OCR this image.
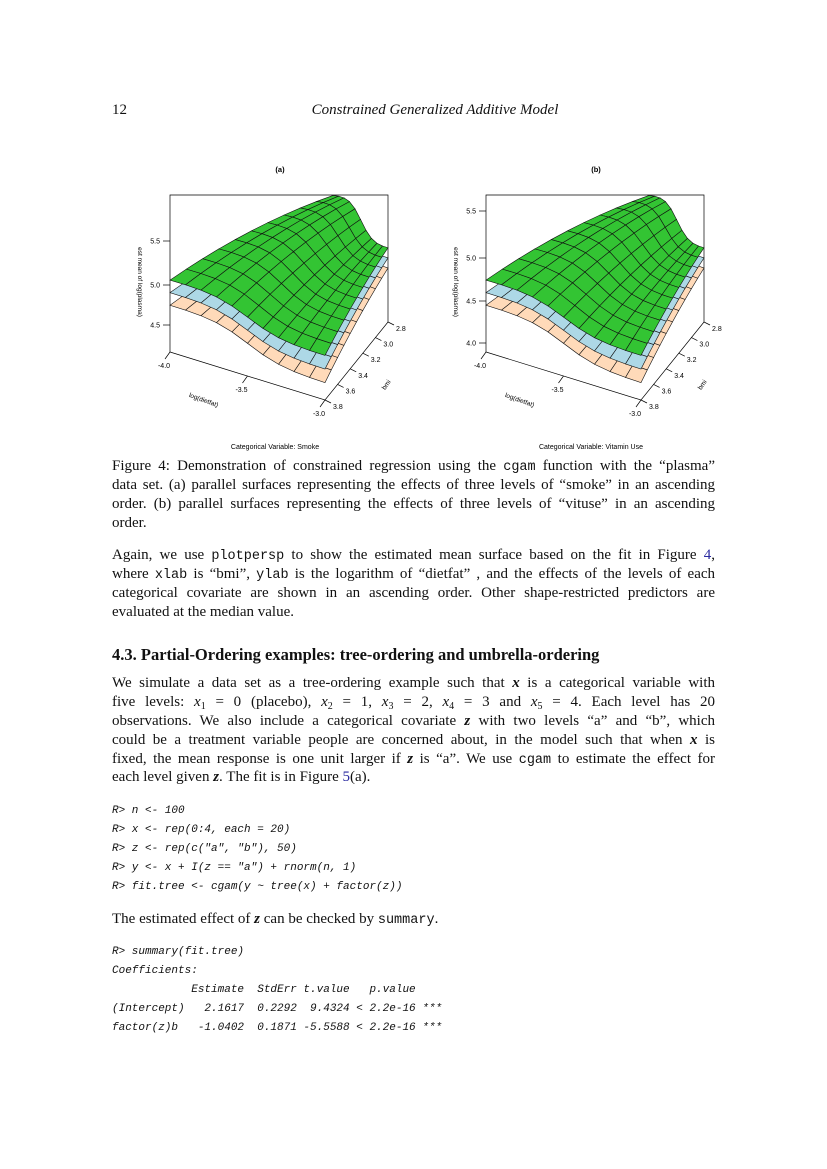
12	Constrained Generalized Additive Model
4.5
5.0
5.5
est mean of log(plasma)
-4.0
-3.5
-3.0
log(dietfat)
2.8
3.0
3.2
3.4
3.6
3.8
bmi
(a)
Categorical Variable: Smoke
4.0
4.5
5.0
5.5
est mean of log(plasma)
-4.0
-3.5
-3.0
log(dietfat)
2.8
3.0
3.2
3.4
3.6
3.8
bmi
(b)
Categorical Variable: Vitamin Use
Figure 4: Demonstration of constrained regression using the cgam function with the “plasma”
data set. (a) parallel surfaces representing the effects of three levels of “smoke” in an ascending
order. (b) parallel surfaces representing the effects of three levels of “vituse” in an ascending
order.
Again, we use plotpersp to show the estimated mean surface based on the fit in Figure 4,
where xlab is “bmi”, ylab is the logarithm of “dietfat” , and the effects of the levels of each
categorical covariate are shown in an ascending order. Other shape-restricted predictors are
evaluated at the median value.
4.3. Partial-Ordering examples: tree-ordering and umbrella-ordering
We simulate a data set as a tree-ordering example such that x is a categorical variable with
five levels: $x_1 = 0$ (placebo), $x_2 = 1$, $x_3 = 2$, $x_4 = 3$ and $x_5 = 4$. Each level has 20
observations. We also include a categorical covariate z with two levels “a” and “b”, which
could be a treatment variable people are concerned about, in the model such that when x is
fixed, the mean response is one unit larger if z is “a”. We use cgam to estimate the effect for
each level given z. The fit is in Figure 5(a).
R> n <- 100
R> x <- rep(0:4, each = 20)
R> z <- rep(c("a", "b"), 50)
R> y <- x + I(z == "a") + rnorm(n, 1)
R> fit.tree <- cgam(y ~ tree(x) + factor(z))
The estimated effect of z can be checked by summary.
R> summary(fit.tree)
Coefficients:
Estimate  StdErr t.value   p.value
(Intercept)   2.1617  0.2292  9.4324 < 2.2e-16 ***
factor(z)b   -1.0402  0.1871 -5.5588 < 2.2e-16 ***
